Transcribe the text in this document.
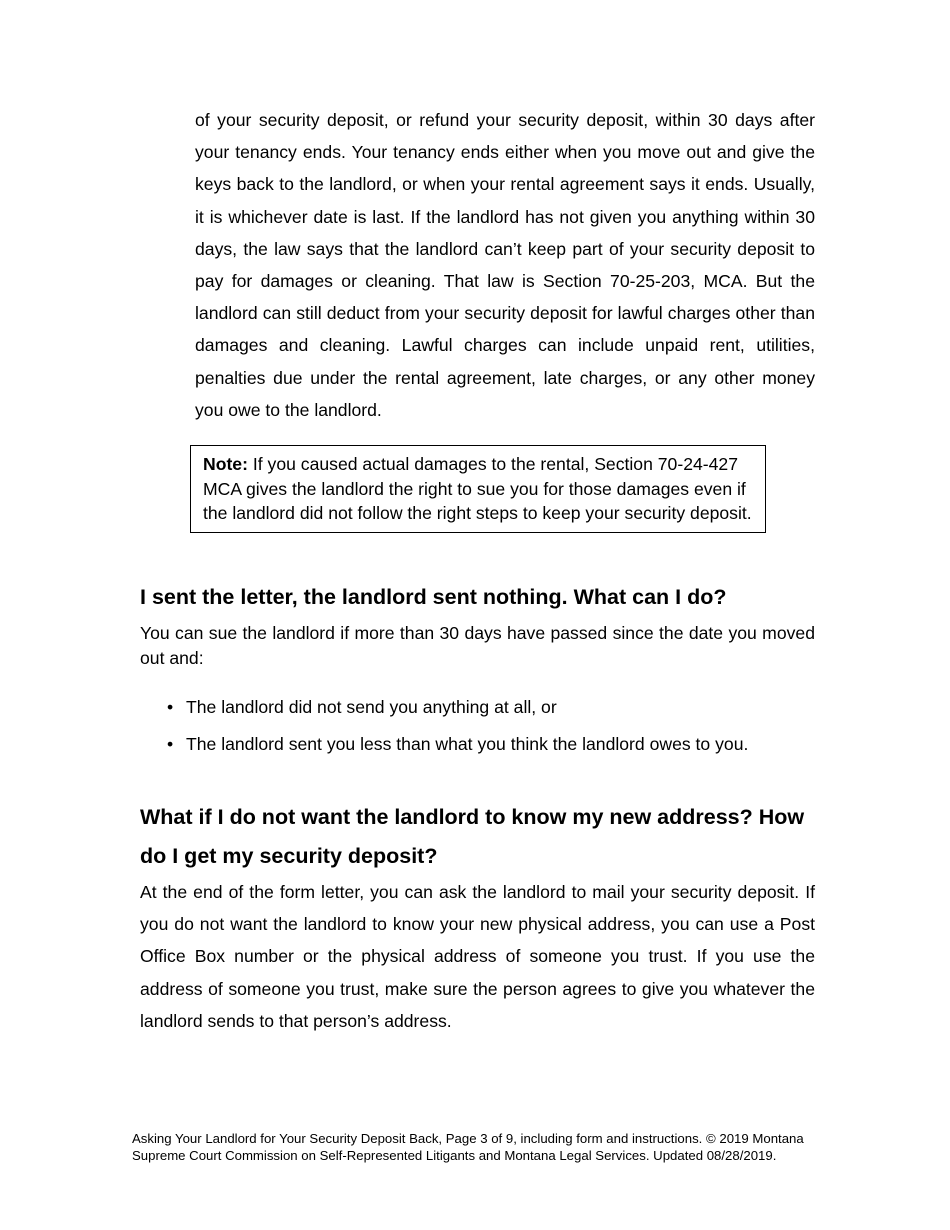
of your security deposit, or refund your security deposit, within 30 days after your tenancy ends. Your tenancy ends either when you move out and give the keys back to the landlord, or when your rental agreement says it ends. Usually, it is whichever date is last. If the landlord has not given you anything within 30 days, the law says that the landlord can’t keep part of your security deposit to pay for damages or cleaning. That law is Section 70-25-203, MCA. But the landlord can still deduct from your security deposit for lawful charges other than damages and cleaning. Lawful charges can include unpaid rent, utilities, penalties due under the rental agreement, late charges, or any other money you owe to the landlord.

Note: If you caused actual damages to the rental, Section 70-24-427 MCA gives the landlord the right to sue you for those damages even if the landlord did not follow the right steps to keep your security deposit.
I sent the letter, the landlord sent nothing. What can I do?

You can sue the landlord if more than 30 days have passed since the date you moved out and:

• The landlord did not send you anything at all, or
• The landlord sent you less than what you think the landlord owes to you.
What if I do not want the landlord to know my new address? How do I get my security deposit?

At the end of the form letter, you can ask the landlord to mail your security deposit. If you do not want the landlord to know your new physical address, you can use a Post Office Box number or the physical address of someone you trust. If you use the address of someone you trust, make sure the person agrees to give you whatever the landlord sends to that person’s address.

Asking Your Landlord for Your Security Deposit Back, Page 3 of 9, including form and instructions. © 2019 Montana Supreme Court Commission on Self-Represented Litigants and Montana Legal Services. Updated 08/28/2019.
